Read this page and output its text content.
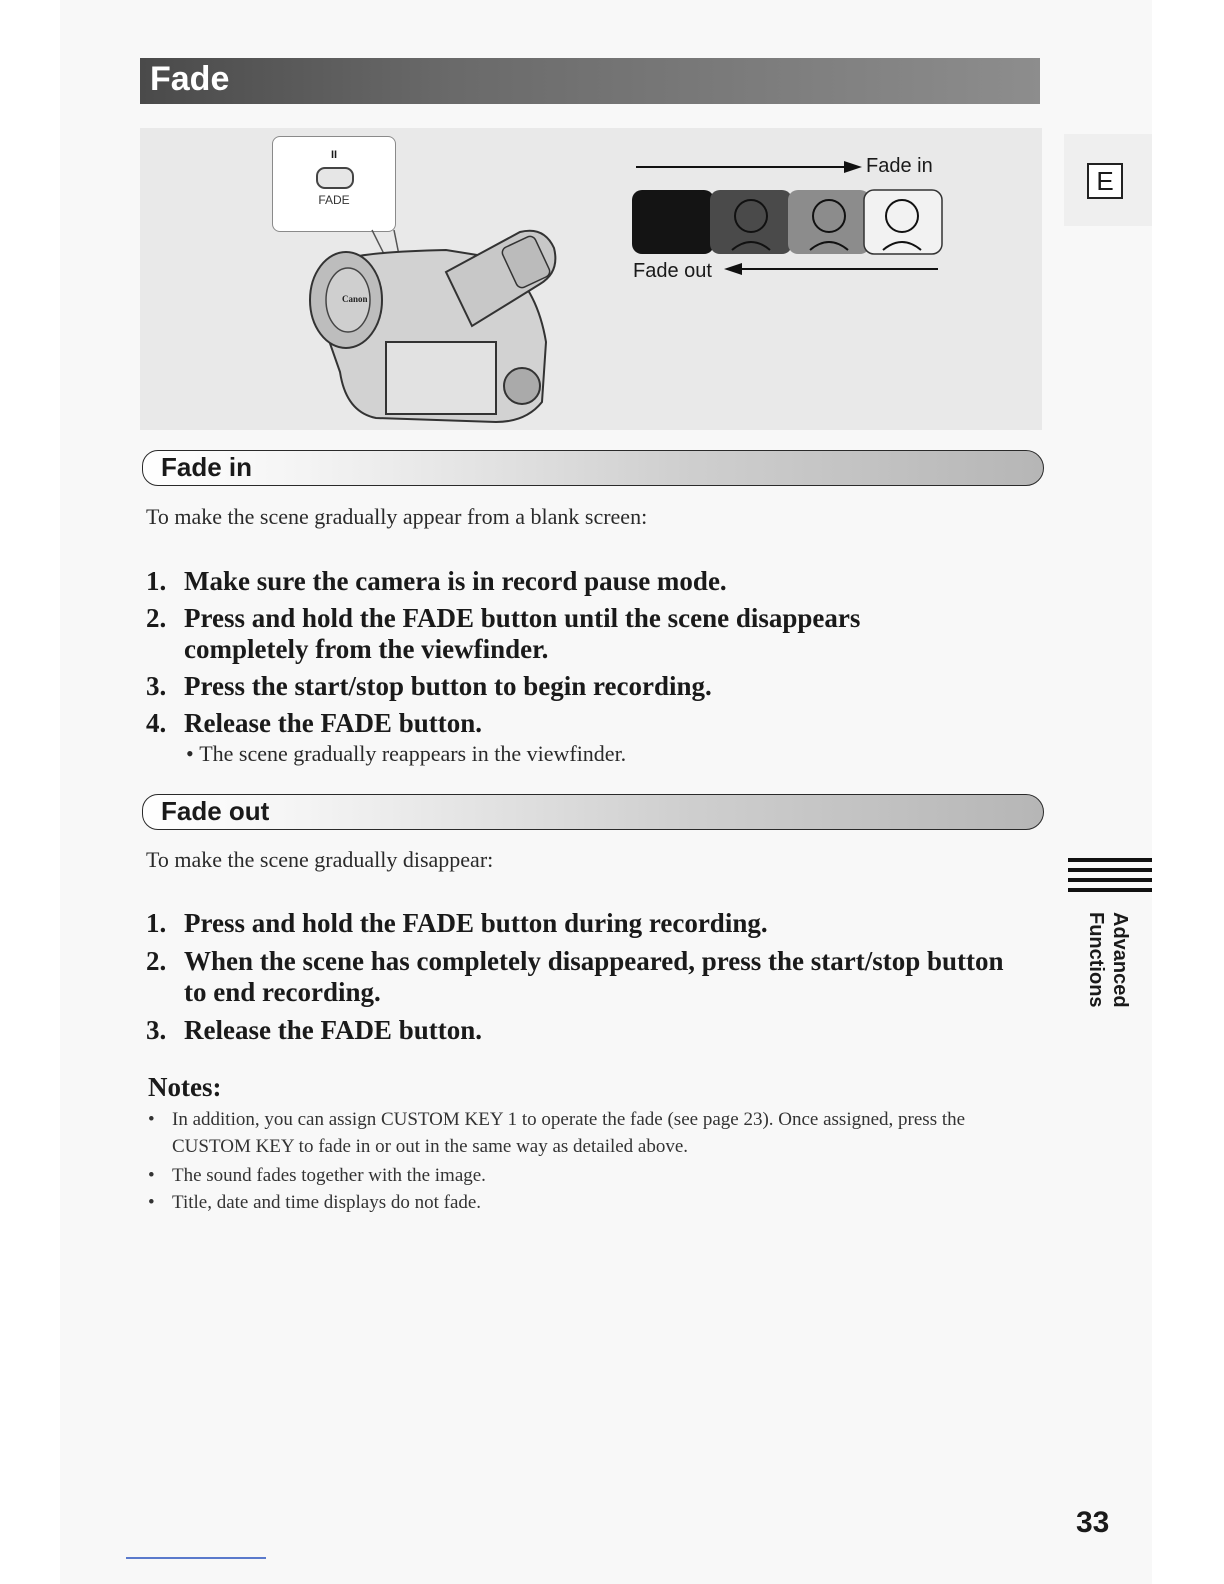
Fade
II
FADE
Canon
Fade in
Fade out
E
Fade in
To make the scene gradually appear from a blank screen:
1. Make sure the camera is in record pause mode.
2. Press and hold the FADE button until the scene disappears completely from the viewfinder.
3. Press the start/stop button to begin recording.
4. Release the FADE button.
• The scene gradually reappears in the viewfinder.
Fade out
To make the scene gradually disappear:
1. Press and hold the FADE button during recording.
2. When the scene has completely disappeared, press the start/stop button to end recording.
3. Release the FADE button.
Notes:
• In addition, you can assign CUSTOM KEY 1 to operate the fade (see page 23). Once assigned, press the CUSTOM KEY to fade in or out in the same way as detailed above.
• The sound fades together with the image.
• Title, date and time displays do not fade.
Advanced
Functions
33
